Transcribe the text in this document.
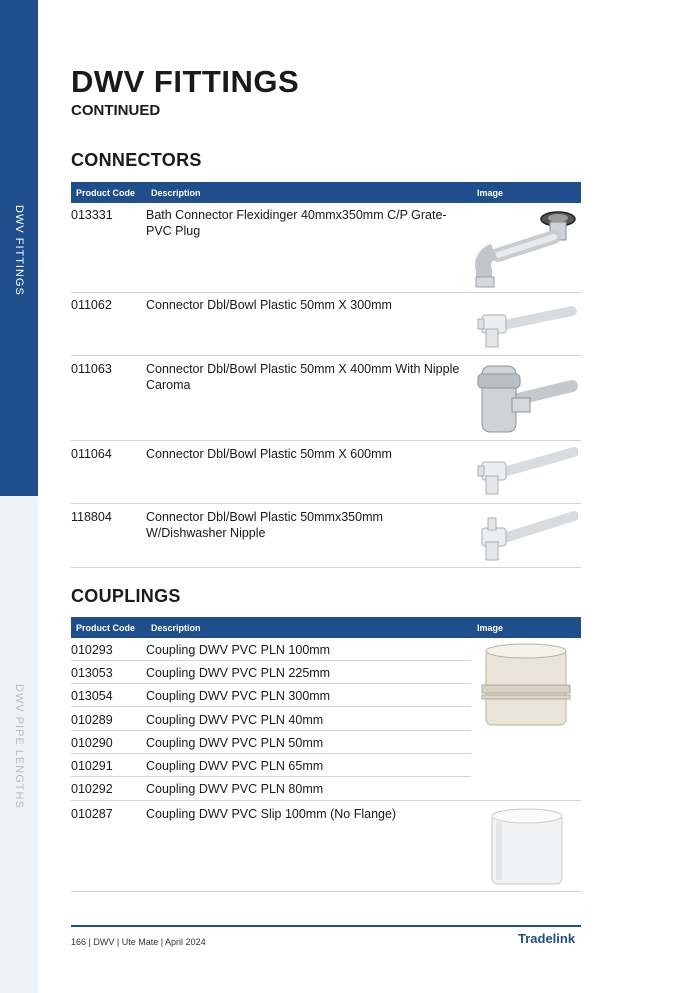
DWV FITTINGS
DWV PIPE LENGTHS
DWV FITTINGS
CONTINUED
CONNECTORS
Product Code Description	Image
013331	Bath Connector Flexidinger 40mmx350mm C/P Grate- PVC Plug
011062	Connector Dbl/Bowl Plastic 50mm X 300mm
011063	Connector Dbl/Bowl Plastic 50mm X 400mm With Nipple Caroma
011064	Connector Dbl/Bowl Plastic 50mm X 600mm
118804	Connector Dbl/Bowl Plastic 50mmx350mm W/Dishwasher Nipple
COUPLINGS
Product Code Description	Image
010293	Coupling DWV PVC PLN 100mm
013053	Coupling DWV PVC PLN 225mm
013054	Coupling DWV PVC PLN 300mm
010289	Coupling DWV PVC PLN 40mm
010290	Coupling DWV PVC PLN 50mm
010291	Coupling DWV PVC PLN 65mm
010292	Coupling DWV PVC PLN 80mm
010287	Coupling DWV PVC Slip 100mm (No Flange)
166 | DWV | Ute Mate | April 2024	Tradelink
